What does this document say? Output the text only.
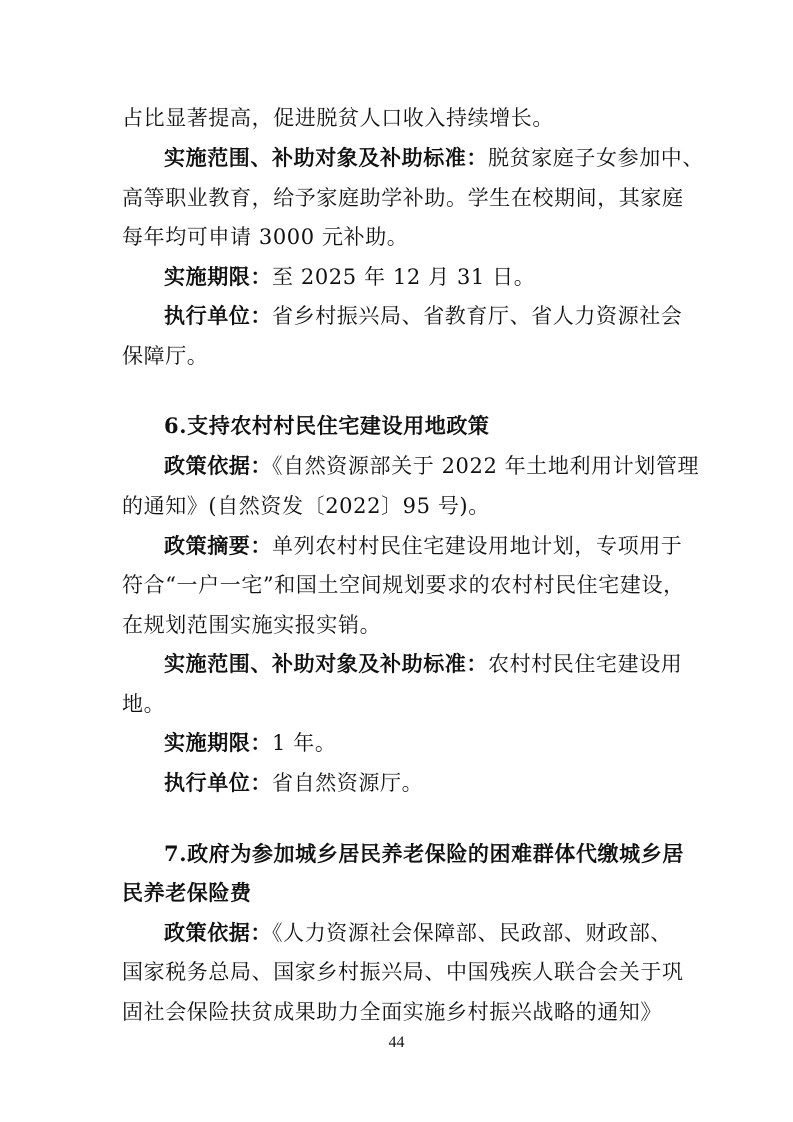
占比显著提高，促进脱贫人口收入持续增长。
实施范围、补助对象及补助标准：脱贫家庭子女参加中、
高等职业教育，给予家庭助学补助。学生在校期间，其家庭
每年均可申请 3000 元补助。
实施期限：至 2025 年 12 月 31 日。
执行单位：省乡村振兴局、省教育厅、省人力资源社会
保障厅。
6.支持农村村民住宅建设用地政策
政策依据：《自然资源部关于 2022 年土地利用计划管理
的通知》(自然资发〔2022〕95 号)。
政策摘要：单列农村村民住宅建设用地计划，专项用于
符合“一户一宅”和国土空间规划要求的农村村民住宅建设，
在规划范围实施实报实销。
实施范围、补助对象及补助标准：农村村民住宅建设用
地。
实施期限：1 年。
执行单位：省自然资源厅。
7.政府为参加城乡居民养老保险的困难群体代缴城乡居
民养老保险费
政策依据：《人力资源社会保障部、民政部、财政部、
国家税务总局、国家乡村振兴局、中国残疾人联合会关于巩
固社会保险扶贫成果助力全面实施乡村振兴战略的通知》
44
